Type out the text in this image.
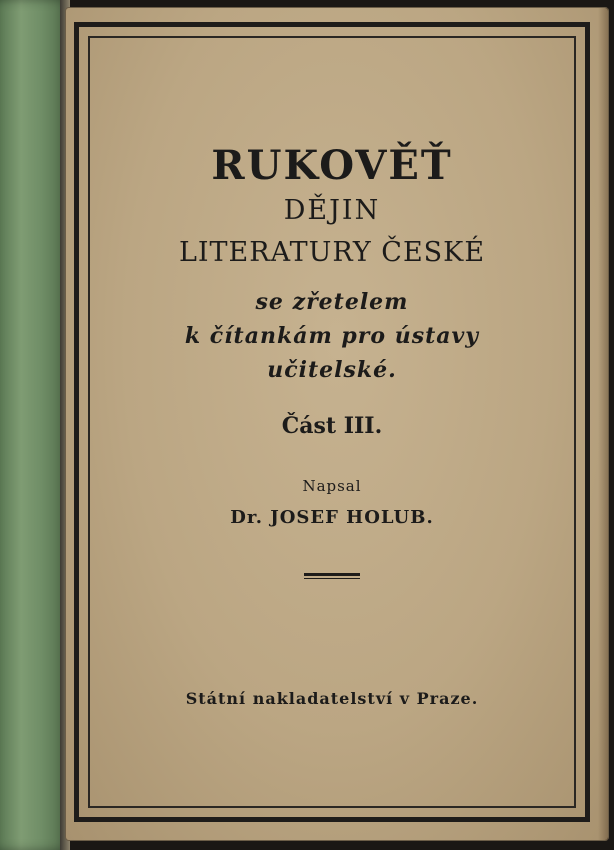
RUKOVĚŤ
DĚJIN
LITERATURY ČESKÉ
se zřetelem
k čítankám pro ústavy
učitelské.
Část III.
Napsal
Dr. JOSEF HOLUB.
Státní nakladatelství v Praze.
